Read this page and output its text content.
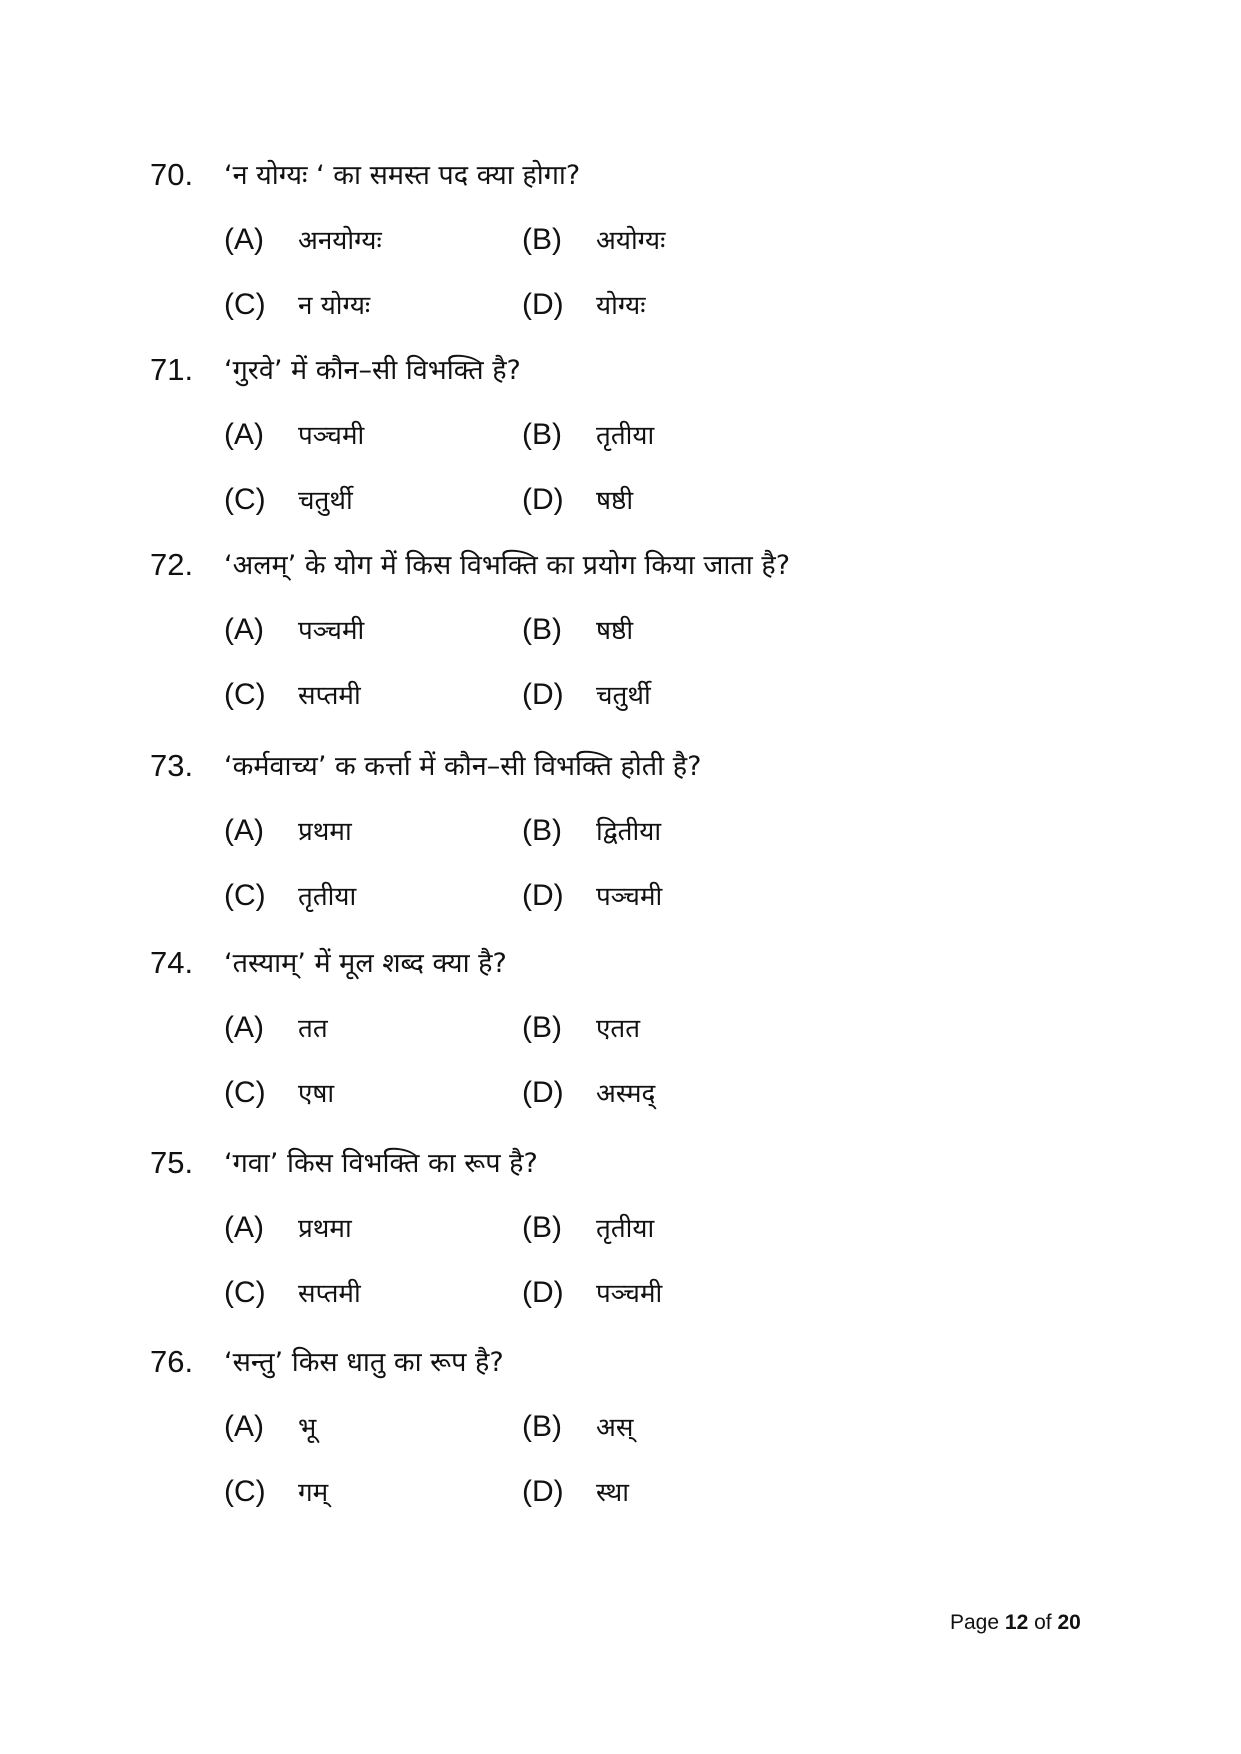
70. ‘न योग्यः ‘ का समस्त पद क्या होगा?
(A) अनयोग्यः	(B) अयोग्यः
(C) न योग्यः	(D) योग्यः
71. ‘गुरवे’ में कौन–सी विभक्ति है?
(A) पञ्चमी	(B) तृतीया
(C) चतुर्थी	(D) षष्ठी
72. ‘अलम्’ के योग में किस विभक्ति का प्रयोग किया जाता है?
(A) पञ्चमी	(B) षष्ठी
(C) सप्तमी	(D) चतुर्थी
73. ‘कर्मवाच्य’ क कर्त्ता में कौन–सी विभक्ति होती है?
(A) प्रथमा	(B) द्वितीया
(C) तृतीया	(D) पञ्चमी
74. ‘तस्याम्’ में मूल शब्द क्या है?
(A) तत	(B) एतत
(C) एषा	(D) अस्मद्
75. ‘गवा’ किस विभक्ति का रूप है?
(A) प्रथमा	(B) तृतीया
(C) सप्तमी	(D) पञ्चमी
76. ‘सन्तु’ किस धातु का रूप है?
(A) भू	(B) अस्
(C) गम्	(D) स्था
Page 12 of 20
